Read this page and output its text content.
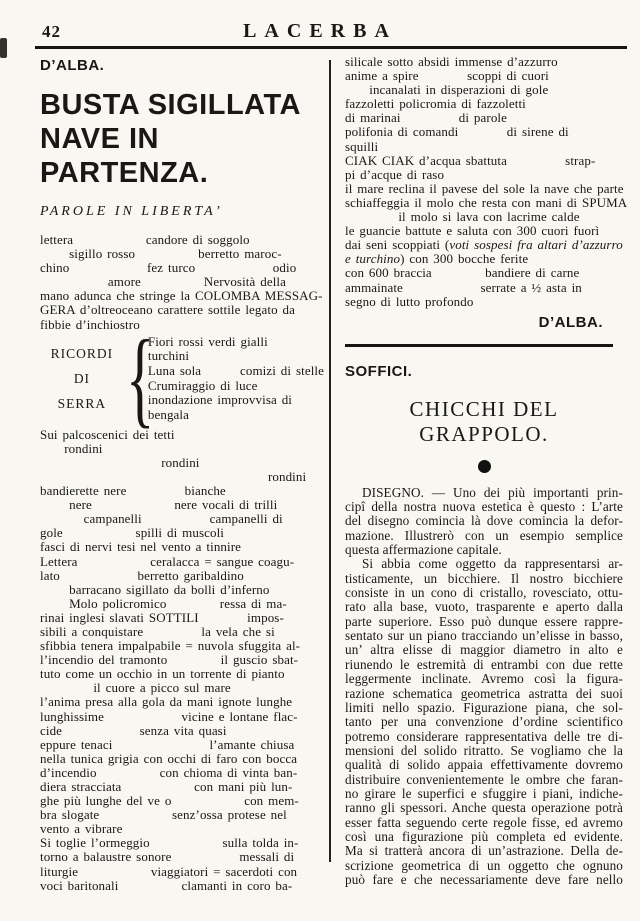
42	LACERBA
D’ALBA.
BUSTA SIGILLATA
NAVE IN PARTENZA.
PAROLE IN LIBERTA’
lettera               candore di soggolo
sigillo rosso             berretto maroc-
chino                fez turco                odio
amore             Nervosità della
mano adunca che stringe la COLOMBA MESSAG-
GERA d’oltreoceano carattere sottile legato da
fibbie d’inchiostro
RICORDI
DI
SERRA {
Fiori rossi verdi gialli
turchini
Luna sola        comizi di stelle
Crumiraggio di luce
inondazione improvvisa di
bengala
Sui palcoscenici dei tetti
rondini
rondini
rondini
bandierette nere            bianche
nere                 nere vocali di trilli
campanelli              campanelli di
gole               spilli di muscoli
fasci di nervi tesi nel vento a tinnire
Lettera               ceralacca = sangue coagu-
lato                berretto garibaldino
barracano sigillato da bolli d’inferno
Molo policromico           ressa di ma-
rinai inglesi slavati SOTTILI          impos-
sibili a conquistare            la vela che si
sfibbia tenera impalpabile = nuvola sfuggita al-
l’incendio del tramonto           il guscio sbat-
tuto come un occhio in un torrente di pianto
il cuore a picco sul mare
l’anima presa alla gola da mani ignote lunghe
lunghissime                vicine e lontane flac-
cide                senza vita quasi
eppure tenaci                    l’amante chiusa
nella tunica grigia con occhi di faro con bocca
d’incendio             con chioma di vinta ban-
diera stracciata               con mani più lun-
ghe più lunghe del ve o               con mem-
bra slogate               senz’ossa protese nel
vento a vibrare
Si toglie l’ormeggio               sulla tolda in-
torno a balaustre sonore              messali di
liturgie               viaggiatori = sacerdoti con
voci baritonali             clamanti in coro ba-
silicale sotto absidi immense d’azzurro
anime a spire          scoppi di cuori
incanalati in disperazioni di gole
fazzoletti policromia di fazzoletti
di marinai            di parole
polifonia di comandi          di sirene di
squilli
CIAK CIAK d’acqua sbattuta            strap-
pi d’acque di raso
il mare reclina il pavese del sole la nave che parte
schiaffeggia il molo che resta con mani di SPUMA
il molo si lava con lacrime calde
le guancie battute e saluta con 300 cuori fuorì
dai seni scoppiati (voti sospesi fra altari d’azzurro
e turchino) con 300 bocche ferite
con 600 braccia           bandiere di carne
ammainate                serrate a ½ asta in
segno di lutto profondo
D’ALBA.
SOFFICI.
CHICCHI DEL GRAPPOLO.
DISEGNO. — Uno dei più importanti prin-
cipî della nostra nuova estetica è questo : L’arte
del disegno comincia là dove comincia la defor-
mazione. Illustrerò con un esempio semplice
questa affermazione capitale.
Si abbia come oggetto da rappresentarsi ar-
tisticamente, un bicchiere. Il nostro bicchiere
consiste in un cono di cristallo, rovesciato, ottu-
rato alla base, vuoto, trasparente e aperto dalla
parte superiore. Esso può dunque essere rappre-
sentato sur un piano tracciando un’elisse in basso,
un’ altra elisse di maggior diametro in alto e
riunendo le estremità di entrambi con due rette
leggermente inclinate. Avremo così la figura-
razione schematica geometrica astratta dei suoi
limiti nello spazio. Figurazione piana, che sol-
tanto per una convenzione d’ordine scientifico
potremo considerare rappresentativa delle tre di-
mensioni del solido ritratto. Se vogliamo che la
qualità di solido appaia effettivamente dovremo
distribuire convenientemente le ombre che faran-
no girare le superfici e sfuggire i piani, indiche-
ranno gli spessori. Anche questa operazione potrà
esser fatta seguendo certe regole fisse, ed avremo
così una figurazione più completa ed evidente.
Ma si tratterà ancora di un’astrazione. Della de-
scrizione geometrica di un oggetto che ognuno
può fare e che necessariamente deve fare nello
